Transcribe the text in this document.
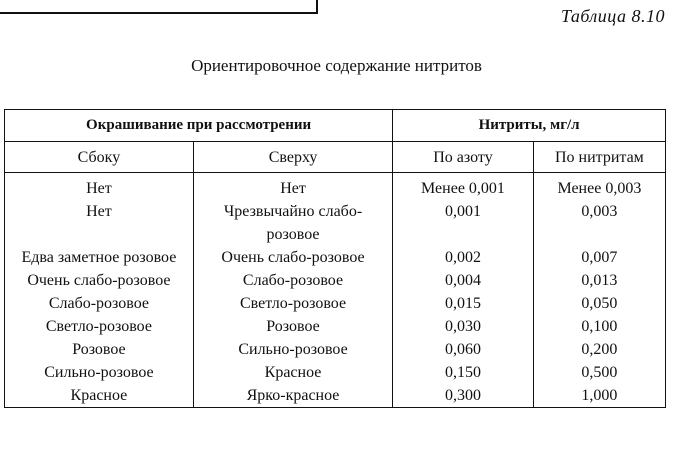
Таблица 8.10
Ориентировочное содержание нитритов
Окрашивание при рассмотрении		Нитриты, мг/л	
Сбоку	Сверху	По азоту	По нитритам
Нет	Нет	Менее 0,001	Менее 0,003
Нет	Чрезвычайно слабо-розовое	0,001	0,003
Едва заметное розовое	Очень слабо-розовое	0,002	0,007
Очень слабо-розовое	Слабо-розовое	0,004	0,013
Слабо-розовое	Светло-розовое	0,015	0,050
Светло-розовое	Розовое	0,030	0,100
Розовое	Сильно-розовое	0,060	0,200
Сильно-розовое	Красное	0,150	0,500
Красное	Ярко-красное	0,300	1,000
